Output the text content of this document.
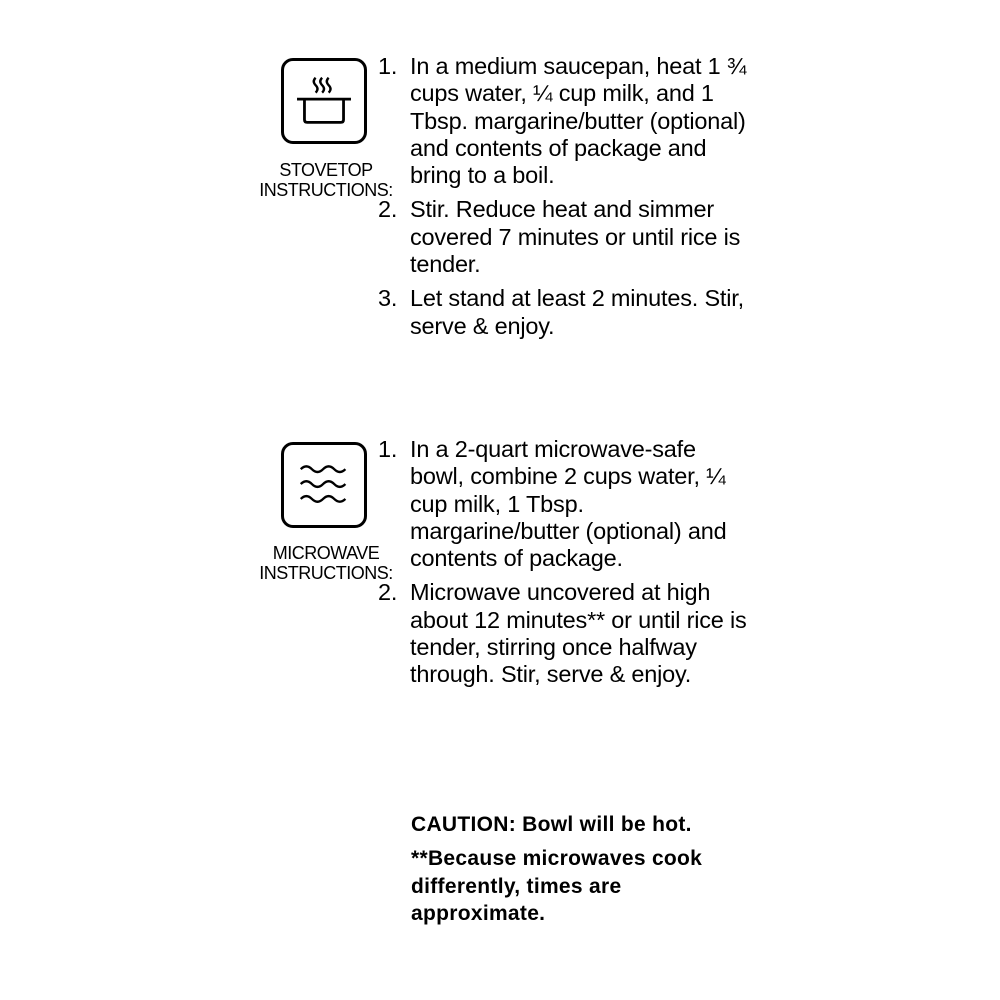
STOVETOP
INSTRUCTIONS:
1. In a medium saucepan, heat 1 ¾ cups water, ¼ cup milk, and 1 Tbsp. margarine/butter (optional) and contents of package and bring to a boil.
2. Stir. Reduce heat and simmer covered 7 minutes or until rice is tender.
3. Let stand at least 2 minutes. Stir, serve & enjoy.
MICROWAVE
INSTRUCTIONS:
1. In a 2-quart microwave-safe bowl, combine 2 cups water, ¼ cup milk, 1 Tbsp. margarine/butter (optional) and contents of package.
2. Microwave uncovered at high about 12 minutes** or until rice is tender, stirring once halfway through. Stir, serve & enjoy.

CAUTION: Bowl will be hot.

**Because microwaves cook differently, times are approximate.
